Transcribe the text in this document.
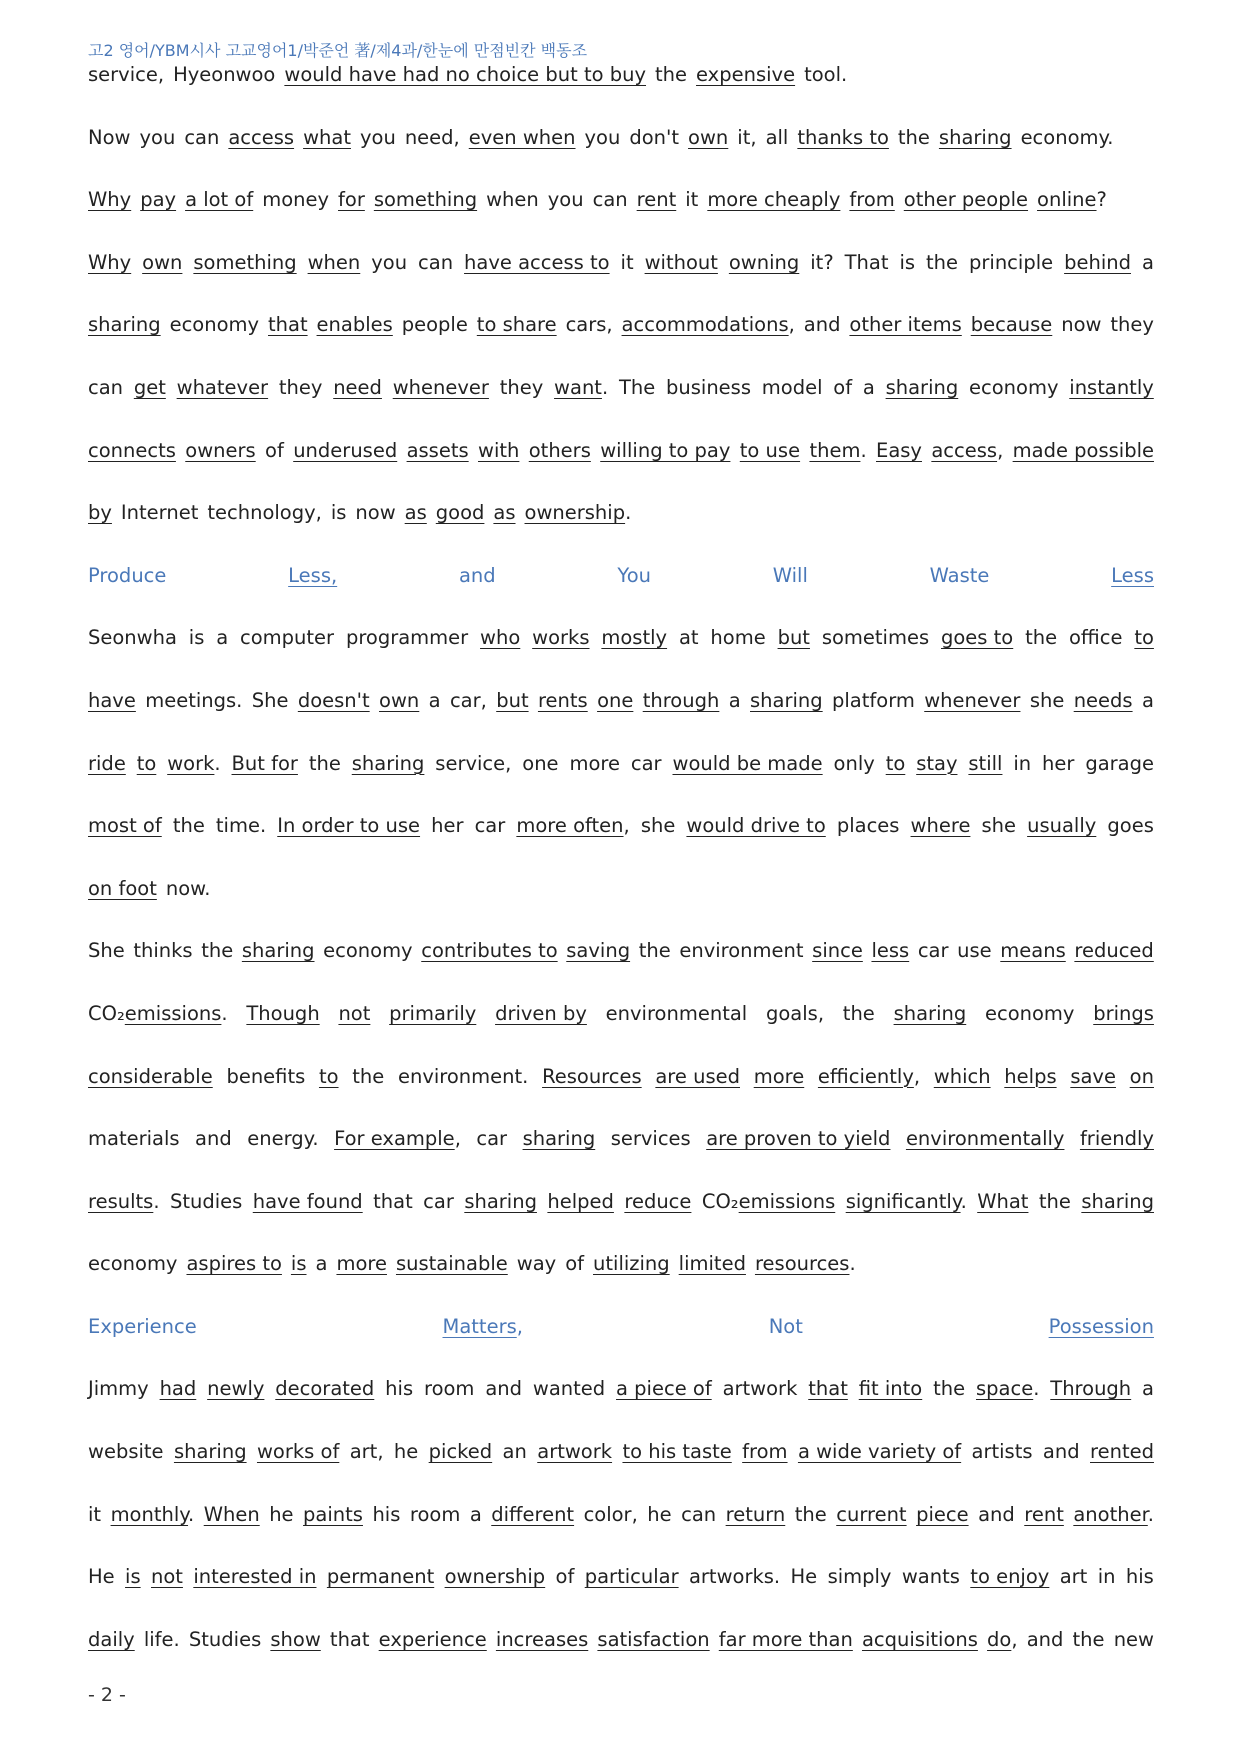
고2 영어/YBM시사 고교영어1/박준언 著/제4과/한눈에 만점빈칸 백동조
service, Hyeonwoo would have had no choice but to buy the expensive tool.
Now you can access what you need, even when you don't own it, all thanks to the sharing economy.
Why pay a lot of money for something when you can rent it more cheaply from other people online?
Why own something when you can have access to it without owning it? That is the principle behind a
sharing economy that enables people to share cars, accommodations, and other items because now they
can get whatever they need whenever they want. The business model of a sharing economy instantly
connects owners of underused assets with others willing to pay to use them. Easy access, made possible
by Internet technology, is now as good as ownership.
Produce	Less,	and	You	Will	Waste	Less
Seonwha is a computer programmer who works mostly at home but sometimes goes to the office to
have meetings. She doesn't own a car, but rents one through a sharing platform whenever she needs a
ride to work. But for the sharing service, one more car would be made only to stay still in her garage
most of the time. In order to use her car more often, she would drive to places where she usually goes
on foot now.
She thinks the sharing economy contributes to saving the environment since less car use means reduced
CO₂emissions. Though not primarily driven by environmental goals, the sharing economy brings
considerable benefits to the environment. Resources are used more efficiently, which helps save on
materials and energy. For example, car sharing services are proven to yield environmentally friendly
results. Studies have found that car sharing helped reduce CO₂emissions significantly. What the sharing
economy aspires to is a more sustainable way of utilizing limited resources.
Experience	Matters,	Not	Possession
Jimmy had newly decorated his room and wanted a piece of artwork that fit into the space. Through a
website sharing works of art, he picked an artwork to his taste from a wide variety of artists and rented
it monthly. When he paints his room a different color, he can return the current piece and rent another.
He is not interested in permanent ownership of particular artworks. He simply wants to enjoy art in his
daily life. Studies show that experience increases satisfaction far more than acquisitions do, and the new
- 2 -
